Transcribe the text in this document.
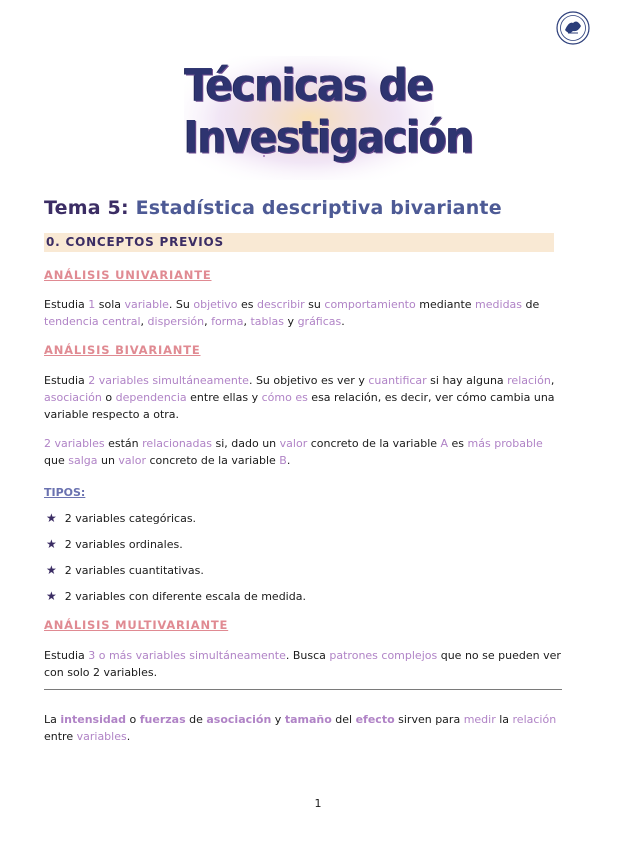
Técnicas de
Investigación
Tema 5: Estadística descriptiva bivariante
0. CONCEPTOS PREVIOS
ANÁLISIS UNIVARIANTE
Estudia 1 sola variable. Su objetivo es describir su comportamiento mediante medidas de tendencia central, dispersión, forma, tablas y gráficas.
ANÁLISIS BIVARIANTE
Estudia 2 variables simultáneamente. Su objetivo es ver y cuantificar si hay alguna relación, asociación o dependencia entre ellas y cómo es esa relación, es decir, ver cómo cambia una variable respecto a otra.
2 variables están relacionadas si, dado un valor concreto de la variable A es más probable que salga un valor concreto de la variable B.
TIPOS:
★ 2 variables categóricas.
★ 2 variables ordinales.
★ 2 variables cuantitativas.
★ 2 variables con diferente escala de medida.
ANÁLISIS MULTIVARIANTE
Estudia 3 o más variables simultáneamente. Busca patrones complejos que no se pueden ver con solo 2 variables.
La intensidad o fuerzas de asociación y tamaño del efecto sirven para medir la relación entre variables.
1
